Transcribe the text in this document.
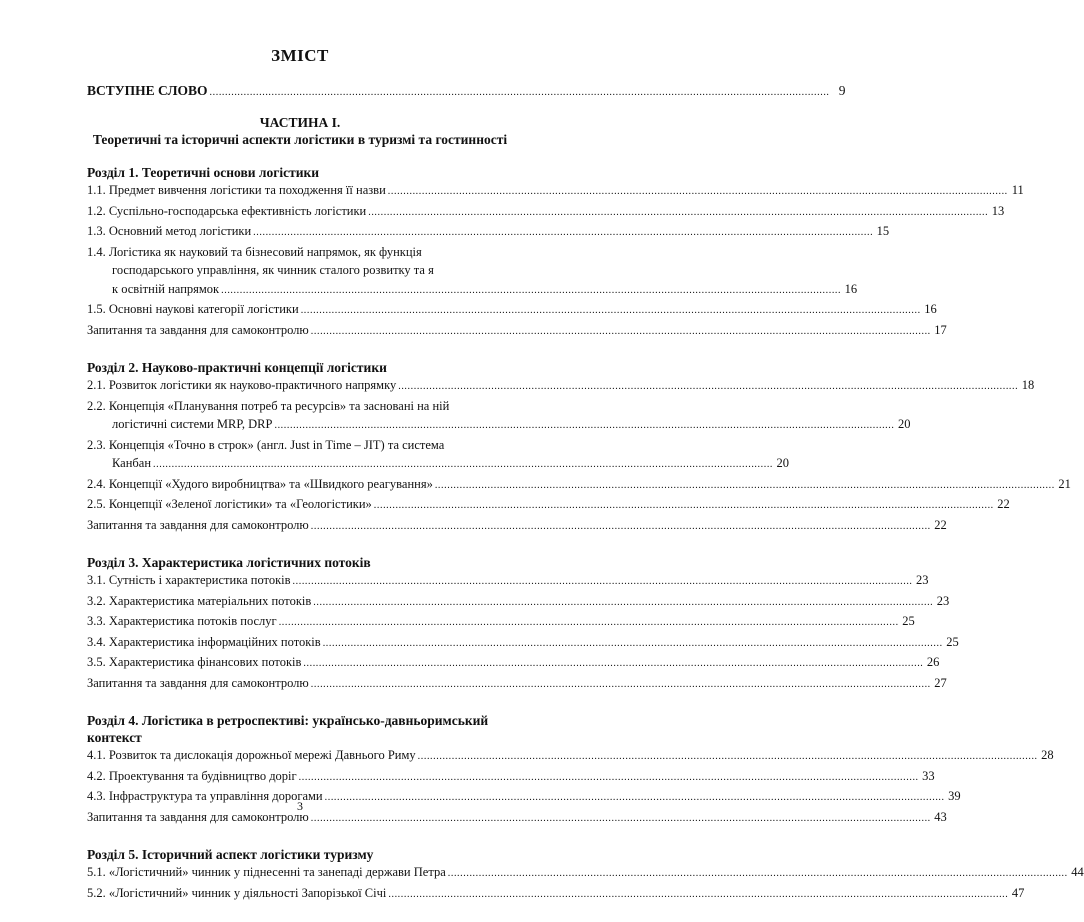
ЗМІСТ
ВСТУПНЕ СЛОВО ........................................................................................................................................................................................................ 9
ЧАСТИНА І.
Теоретичні та історичні аспекти логістики в туризмі та гостинності
Розділ 1. Теоретичні основи логістики
1.1. Предмет вивчення логістики та походження її назви ........................................................................................................................................................................................................ 11
1.2. Суспільно-господарська ефективність логістики ........................................................................................................................................................................................................ 13
1.3. Основний метод логістики ........................................................................................................................................................................................................ 15
1.4. Логістика як науковий та бізнесовий напрямок, як функція
господарського управління, як чинник сталого розвитку та я
к освітній напрямок ........................................................................................................................................................................................................ 16
1.5. Основні наукові категорії логістики ........................................................................................................................................................................................................ 16
Запитання та завдання для самоконтролю ........................................................................................................................................................................................................ 17
Розділ 2. Науково-практичні концепції логістики
2.1. Розвиток логістики як науково-практичного напрямку ........................................................................................................................................................................................................ 18
2.2. Концепція «Планування потреб та ресурсів» та засновані на ній
логістичні системи MRP, DRP ........................................................................................................................................................................................................ 20
2.3. Концепція «Точно в строк» (англ. Just in Time – JIT) та система
Канбан ........................................................................................................................................................................................................ 20
2.4. Концепції «Худого виробництва» та «Швидкого реагування» ........................................................................................................................................................................................................ 21
2.5. Концепції «Зеленої логістики» та «Геологістики» ........................................................................................................................................................................................................ 22
Запитання та завдання для самоконтролю ........................................................................................................................................................................................................ 22
Розділ 3. Характеристика логістичних потоків
3.1. Сутність і характеристика потоків ........................................................................................................................................................................................................ 23
3.2. Характеристика матеріальних потоків ........................................................................................................................................................................................................ 23
3.3. Характеристика потоків послуг ........................................................................................................................................................................................................ 25
3.4. Характеристика інформаційних потоків ........................................................................................................................................................................................................ 25
3.5. Характеристика фінансових потоків ........................................................................................................................................................................................................ 26
Запитання та завдання для самоконтролю ........................................................................................................................................................................................................ 27
Розділ 4. Логістика в ретроспективі: українсько-давньоримський контекст
4.1. Розвиток та дислокація дорожньої мережі Давнього Риму ........................................................................................................................................................................................................ 28
4.2. Проектування та будівництво доріг ........................................................................................................................................................................................................ 33
4.3. Інфраструктура та управління дорогами ........................................................................................................................................................................................................ 39
Запитання та завдання для самоконтролю ........................................................................................................................................................................................................ 43
Розділ 5. Історичний аспект логістики туризму
5.1. «Логістичний» чинник у піднесенні та занепаді держави Петра ........................................................................................................................................................................................................ 44
5.2. «Логістичний» чинник у діяльності Запорізької Січі ........................................................................................................................................................................................................ 47
3
